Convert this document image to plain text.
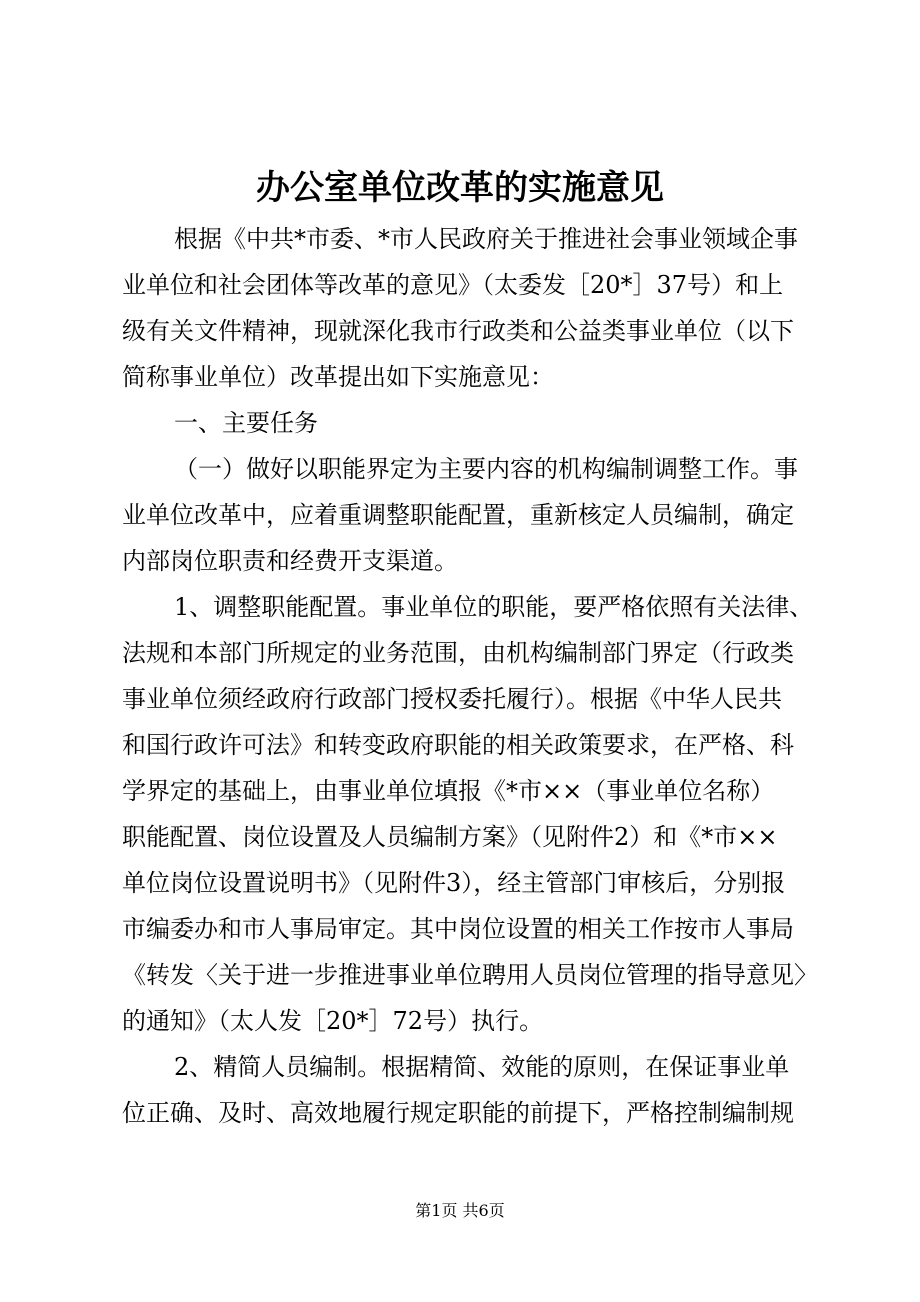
办公室单位改革的实施意见

根据《中共*市委、*市人民政府关于推进社会事业领域企事

业单位和社会团体等改革的意见》（太委发［20*］37号）和上

级有关文件精神，现就深化我市行政类和公益类事业单位（以下

简称事业单位）改革提出如下实施意见：

一、主要任务

（一）做好以职能界定为主要内容的机构编制调整工作。事

业单位改革中，应着重调整职能配置，重新核定人员编制，确定

内部岗位职责和经费开支渠道。

1、调整职能配置。事业单位的职能，要严格依照有关法律、

法规和本部门所规定的业务范围，由机构编制部门界定（行政类

事业单位须经政府行政部门授权委托履行）。根据《中华人民共

和国行政许可法》和转变政府职能的相关政策要求，在严格、科

学界定的基础上，由事业单位填报《*市××（事业单位名称）

职能配置、岗位设置及人员编制方案》（见附件2）和《*市××

单位岗位设置说明书》（见附件3），经主管部门审核后，分别报

市编委办和市人事局审定。其中岗位设置的相关工作按市人事局

《转发〈关于进一步推进事业单位聘用人员岗位管理的指导意见〉

的通知》（太人发［20*］72号）执行。

2、精简人员编制。根据精简、效能的原则，在保证事业单

位正确、及时、高效地履行规定职能的前提下，严格控制编制规

第1页 共6页
